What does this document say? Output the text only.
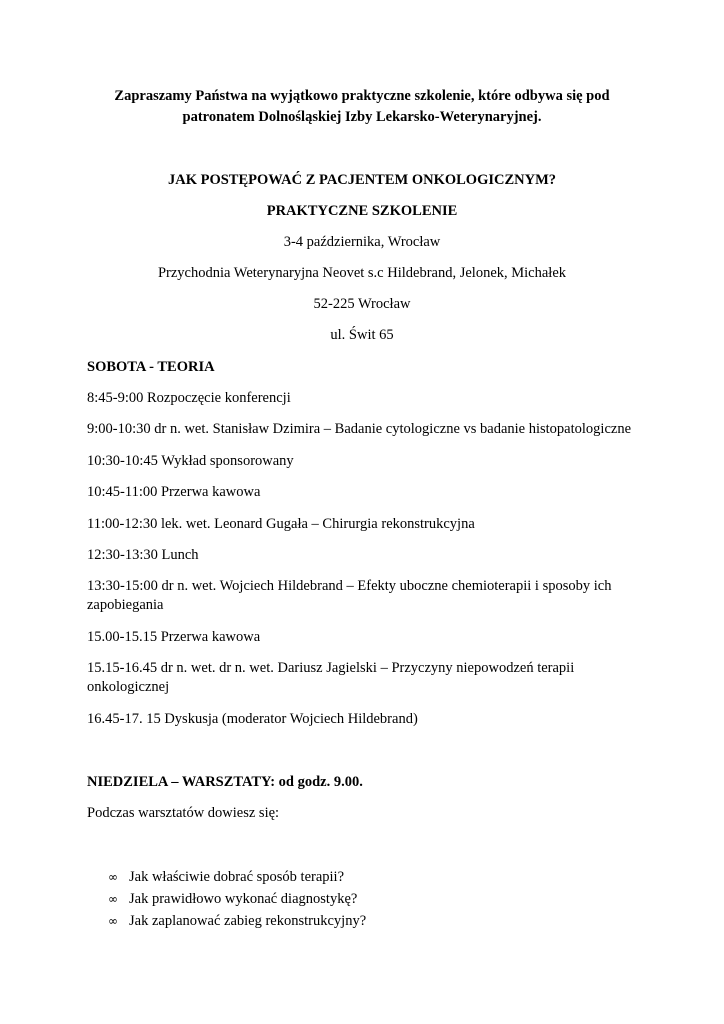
Zapraszamy Państwa na wyjątkowo praktyczne szkolenie, które odbywa się pod patronatem Dolnośląskiej Izby Lekarsko-Weterynaryjnej.
JAK POSTĘPOWAĆ Z PACJENTEM ONKOLOGICZNYM?
PRAKTYCZNE SZKOLENIE
3-4 października, Wrocław
Przychodnia Weterynaryjna Neovet s.c Hildebrand, Jelonek, Michałek
52-225 Wrocław
ul. Świt 65
SOBOTA - TEORIA
8:45-9:00 Rozpoczęcie konferencji
9:00-10:30 dr n. wet. Stanisław Dzimira – Badanie cytologiczne vs badanie histopatologiczne
10:30-10:45 Wykład sponsorowany
10:45-11:00 Przerwa kawowa
11:00-12:30 lek. wet. Leonard Gugała – Chirurgia rekonstrukcyjna
12:30-13:30 Lunch
13:30-15:00 dr n. wet. Wojciech Hildebrand – Efekty uboczne chemioterapii i sposoby ich zapobiegania
15.00-15.15 Przerwa kawowa
15.15-16.45 dr n. wet. dr n. wet. Dariusz Jagielski – Przyczyny niepowodzeń terapii onkologicznej
16.45-17. 15 Dyskusja (moderator Wojciech Hildebrand)
NIEDZIELA – WARSZTATY: od godz. 9.00.
Podczas warsztatów dowiesz się:
∞ Jak właściwie dobrać sposób terapii?
∞ Jak prawidłowo wykonać diagnostykę?
∞ Jak zaplanować zabieg rekonstrukcyjny?
